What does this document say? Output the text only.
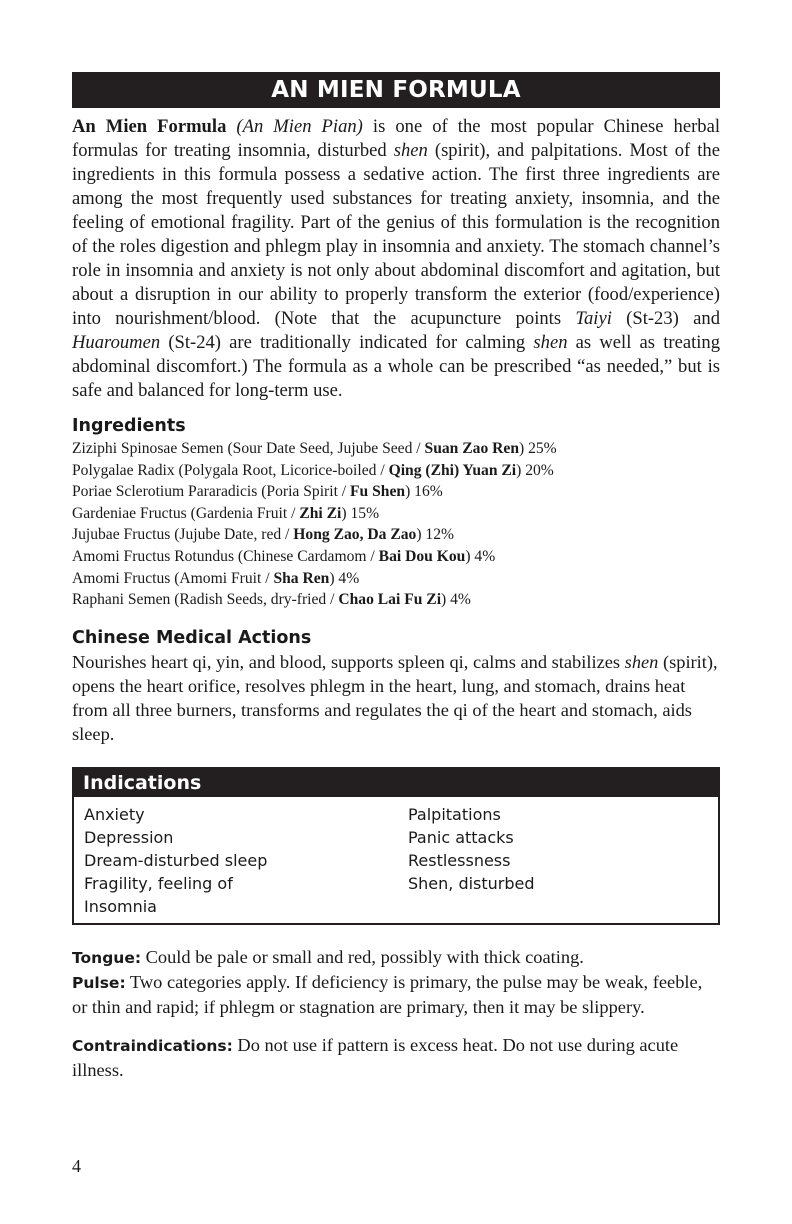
AN MIEN FORMULA

An Mien Formula (An Mien Pian) is one of the most popular Chinese herbal formulas for treating insomnia, disturbed shen (spirit), and palpitations. Most of the ingredients in this formula possess a sedative action. The first three ingredients are among the most frequently used substances for treating anxiety, insomnia, and the feeling of emotional fragility. Part of the genius of this formulation is the recognition of the roles digestion and phlegm play in insomnia and anxiety. The stomach channel’s role in insomnia and anxiety is not only about abdominal discomfort and agitation, but about a disruption in our ability to properly transform the exterior (food/experience) into nourishment/blood. (Note that the acupuncture points Taiyi (St-23) and Huaroumen (St-24) are traditionally indicated for calming shen as well as treating abdominal discomfort.) The formula as a whole can be prescribed “as needed,” but is safe and balanced for long-term use.

Ingredients
Ziziphi Spinosae Semen (Sour Date Seed, Jujube Seed / Suan Zao Ren) 25%
Polygalae Radix (Polygala Root, Licorice-boiled / Qing (Zhi) Yuan Zi) 20%
Poriae Sclerotium Pararadicis (Poria Spirit / Fu Shen) 16%
Gardeniae Fructus (Gardenia Fruit / Zhi Zi) 15%
Jujubae Fructus (Jujube Date, red / Hong Zao, Da Zao) 12%
Amomi Fructus Rotundus (Chinese Cardamom / Bai Dou Kou) 4%
Amomi Fructus (Amomi Fruit / Sha Ren) 4%
Raphani Semen (Radish Seeds, dry-fried / Chao Lai Fu Zi) 4%
Chinese Medical Actions

Nourishes heart qi, yin, and blood, supports spleen qi, calms and stabilizes shen (spirit), opens the heart orifice, resolves phlegm in the heart, lung, and stomach, drains heat from all three burners, transforms and regulates the qi of the heart and stomach, aids sleep.

Indications
Anxiety
Depression
Dream-disturbed sleep
Fragility, feeling of
Insomnia
Palpitations
Panic attacks
Restlessness
Shen, disturbed

Tongue: Could be pale or small and red, possibly with thick coating.

Pulse: Two categories apply. If deficiency is primary, the pulse may be weak, feeble, or thin and rapid; if phlegm or stagnation are primary, then it may be slippery.

Contraindications: Do not use if pattern is excess heat. Do not use during acute illness.

4
